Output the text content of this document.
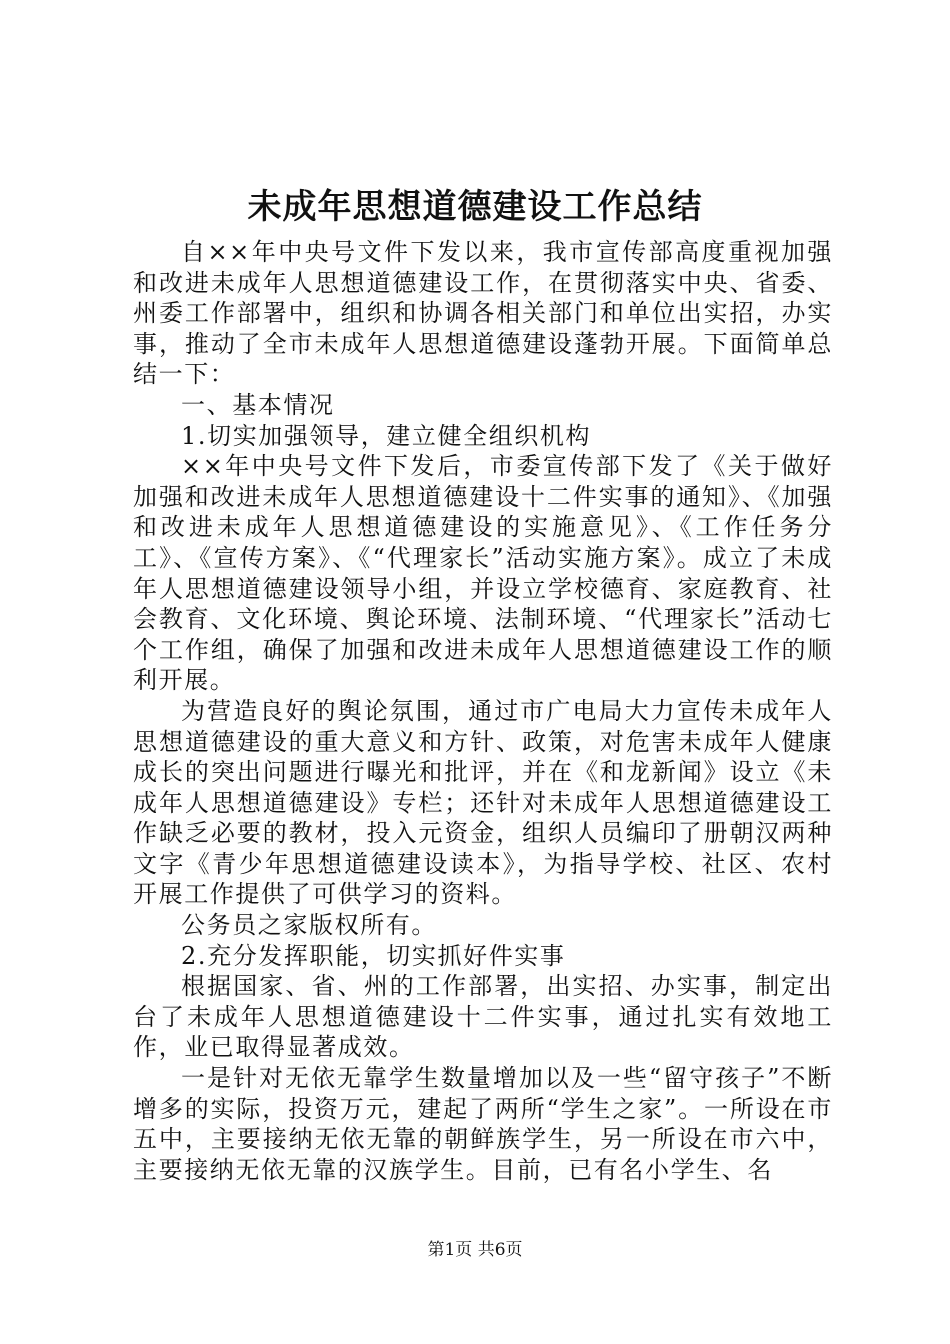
未成年思想道德建设工作总结

自××年中央号文件下发以来，我市宣传部高度重视加强和改进未成年人思想道德建设工作，在贯彻落实中央、省委、州委工作部署中，组织和协调各相关部门和单位出实招，办实事，推动了全市未成年人思想道德建设蓬勃开展。下面简单总结一下：

一、基本情况

1.切实加强领导，建立健全组织机构

××年中央号文件下发后，市委宣传部下发了《关于做好加强和改进未成年人思想道德建设十二件实事的通知》、《加强和改进未成年人思想道德建设的实施意见》、《工作任务分工》、《宣传方案》、《“代理家长”活动实施方案》。成立了未成年人思想道德建设领导小组，并设立学校德育、家庭教育、社会教育、文化环境、舆论环境、法制环境、“代理家长”活动七个工作组，确保了加强和改进未成年人思想道德建设工作的顺利开展。

为营造良好的舆论氛围，通过市广电局大力宣传未成年人思想道德建设的重大意义和方针、政策，对危害未成年人健康成长的突出问题进行曝光和批评，并在《和龙新闻》设立《未成年人思想道德建设》专栏；还针对未成年人思想道德建设工作缺乏必要的教材，投入元资金，组织人员编印了册朝汉两种文字《青少年思想道德建设读本》，为指导学校、社区、农村开展工作提供了可供学习的资料。

公务员之家版权所有。

2.充分发挥职能，切实抓好件实事

根据国家、省、州的工作部署，出实招、办实事，制定出台了未成年人思想道德建设十二件实事，通过扎实有效地工作，业已取得显著成效。

一是针对无依无靠学生数量增加以及一些“留守孩子”不断增多的实际，投资万元，建起了两所“学生之家”。一所设在市五中，主要接纳无依无靠的朝鲜族学生，另一所设在市六中，主要接纳无依无靠的汉族学生。目前，已有名小学生、名

第1页 共6页
